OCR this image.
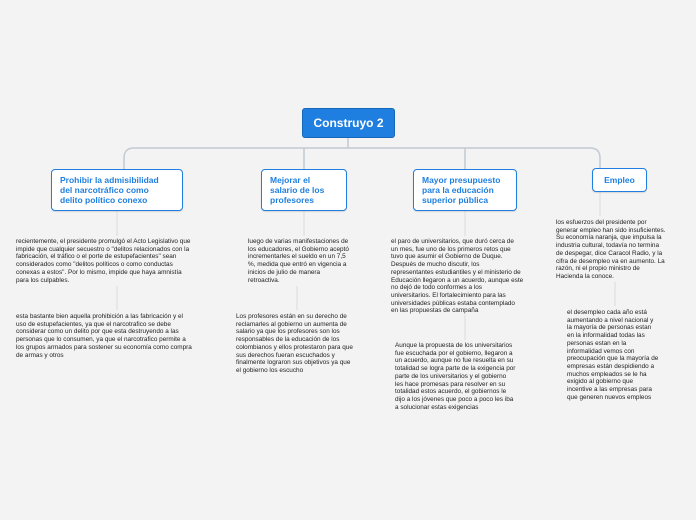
Construyo 2
Prohibir la admisibilidad
del narcotráfico como
delito político conexo
Mejorar el
salario de los
profesores
Mayor presupuesto
para la educación
superior pública
Empleo

recientemente, el presidente promulgó el Acto Legislativo que
impide que cualquier secuestro o "delitos relacionados con la
fabricación, el tráfico o el porte de estupefacientes" sean
considerados como "delitos políticos o como conductas
conexas a estos". Por lo mismo, impide que haya amnistía
para los culpables.

esta bastante bien aquella prohibición a las fabricación y el
uso de estupefacientes, ya que el narcotrafico se debe
considerar como un delito por que esta destruyendo a las
personas que lo consumen, ya que el narcotrafico permite a
los grupos armados para sostener su economía como compra
de armas y otros

luego de varias manifestaciones de
los educadores, el Gobierno aceptó
incrementarles el sueldo en un 7,5
%, medida que entró en vigencia a
inicios de julio de manera
retroactiva.

Los profesores están en su derecho de
reclamarles al gobierno un aumenta de
salario ya que los profesores son los
responsables de la educación de los
colombianos y ellos protestaron para que
sus derechos fueran escuchados y
finalmente lograron sus objetivos ya que
el gobierno los escucho

el paro de universitarios, que duró cerca de
un mes, fue uno de los primeros retos que
tuvo que asumir el Gobierno de Duque.
Después de mucho discutir, los
representantes estudiantiles y el ministerio de
Educación llegaron a un acuerdo, aunque este
no dejó de todo conformes a los
universitarios. El fortalecimiento para las
universidades públicas estaba contemplado
en las propuestas de campaña

Aunque la propuesta de los universitarios
fue escuchada por el gobierno, llegaron a
un acuerdo, aunque no fue resuelta en su
totalidad se logra parte de la exigencia por
parte de los universitarios y el gobierno
les hace promesas para resolver en su
totalidad estos acuerdo, el gobiernos le
dijo a los jóvenes que poco a poco les iba
a solucionar estas exigencias

los esfuerzos del presidente por
generar empleo han sido insuficientes.
Su economía naranja, que impulsa la
industria cultural, todavía no termina
de despegar, dice Caracol Radio, y la
cifra de desempleo va en aumento. La
razón, ni el propio ministro de
Hacienda la conoce.

el desempleo cada año está
aumentando a nivel nacional y
la mayoría de personas estan
en la informalidad todas las
personas estan en la
informalidad vemos con
preocupación que la mayoría de
empresas están despidiendo a
muchos empleados se le ha
exigido al gobierno que
incentive a las empresas para
que generen nuevos empleos
